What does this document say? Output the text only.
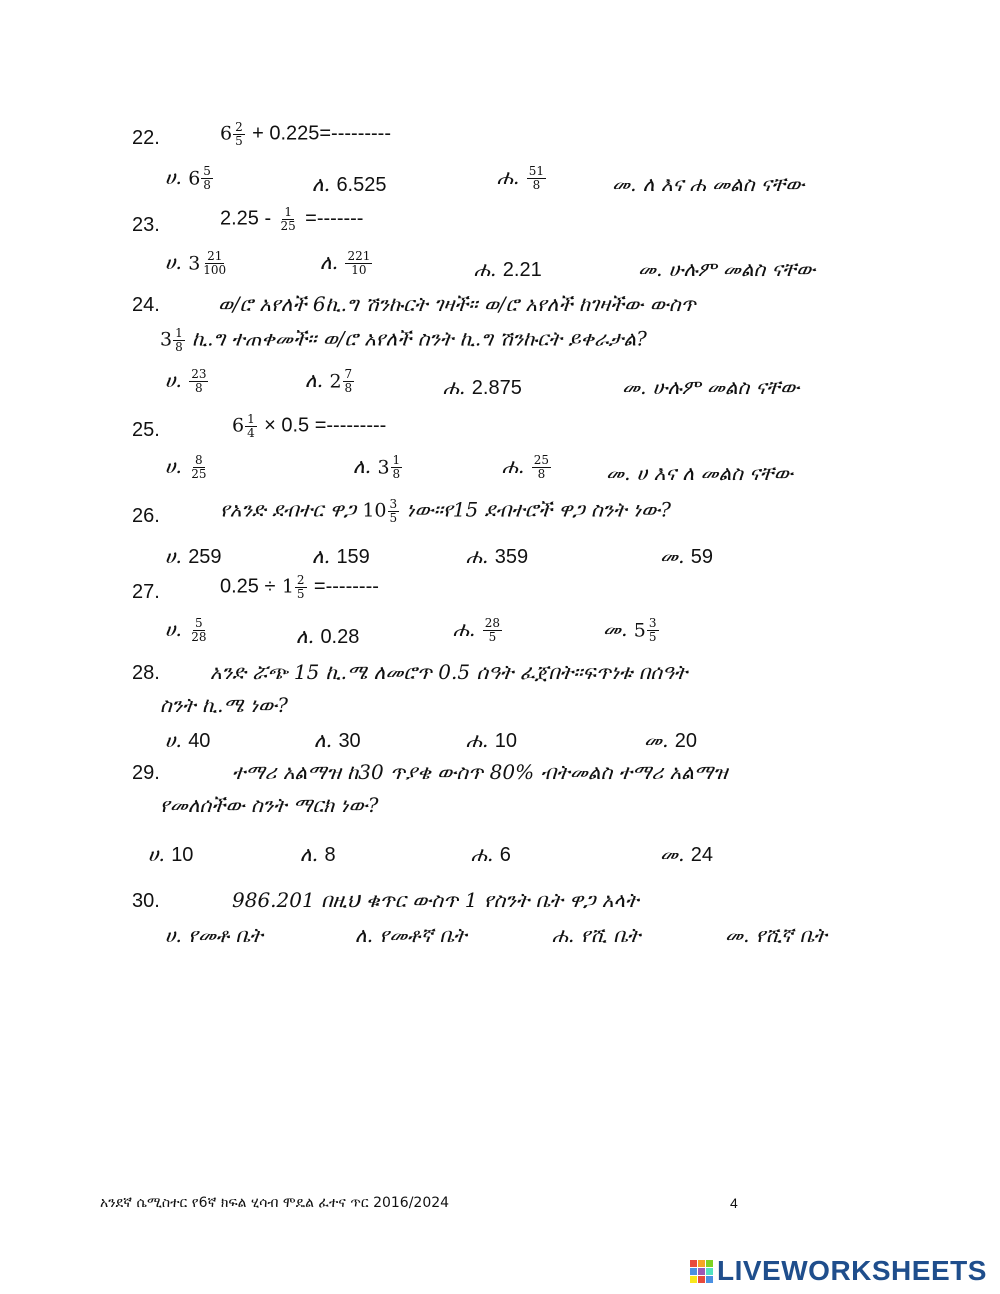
22.	$6 \frac{2}{5} + 0.225=---------$
ሀ. $6 \frac{5}{8}$	ለ. 6.525	ሐ. $\frac{51}{8}$	መ. ለ እና ሐ መልስ ናቸው
23.	$2.25 - \frac{1}{25}$ =-------
ሀ. $3 \frac{21}{100}$	ለ. $\frac{221}{10}$	ሐ. 2.21	መ. ሁሉም መልስ ናቸው
24.	ወ/ሮ አየለች 6ኪ.ግ ሽንኩርት ገዛች። ወ/ሮ አየለች ከገዛችው ውስጥ
$3 \frac{1}{8}$ ኪ.ግ ተጠቀመች። ወ/ሮ አየለች ስንት ኪ.ግ ሽንኩርት ይቀራታል?
ሀ. $\frac{23}{8}$	ለ. $2 \frac{7}{8}$	ሐ. 2.875	መ. ሁሉም መልስ ናቸው
25.	$6 \frac{1}{4} \times 0.5$ =---------
ሀ. $\frac{8}{25}$	ለ. $3 \frac{1}{8}$	ሐ. $\frac{25}{8}$	መ. ሀ እና ለ መልስ ናቸው
26.	የአንድ ደብተር ዋጋ $10 \frac{3}{5}$ ነው።የ15 ደብተሮች ዋጋ ስንት ነው?
ሀ. 259	ለ. 159	ሐ. 359	መ. 59
27.	$0.25 \div 1 \frac{2}{5}$ =--------
ሀ. $\frac{5}{28}$	ለ. 0.28	ሐ. $\frac{28}{5}$	መ. $5 \frac{3}{5}$
28.	አንድ ሯጭ 15 ኪ.ሜ ለመሮጥ 0.5 ሰዓት ፈጀበት።ፍጥነቱ በሰዓት
ስንት ኪ.ሜ ነው?
ሀ. 40	ለ. 30	ሐ. 10	መ. 20
29.	ተማሪ አልማዝ ከ30 ጥያቄ ውስጥ 80% ብትመልስ ተማሪ አልማዝ
የመለሰችው ስንት ማርክ ነው?
ሀ. 10	ለ. 8	ሐ. 6	መ. 24
30.	986.201 በዚህ ቁጥር ውስጥ 1 የስንት ቤት ዋጋ አላት
ሀ. የመቶ ቤት	ለ. የመቶኛ ቤት	ሐ. የሺ ቤት	መ. የሺኛ ቤት
አንደኛ ሴሚስተር የ6ኛ ክፍል ሂሳብ ሞዴል ፈተና ጥር 2016/2024	4
LIVEWORKSHEETS
